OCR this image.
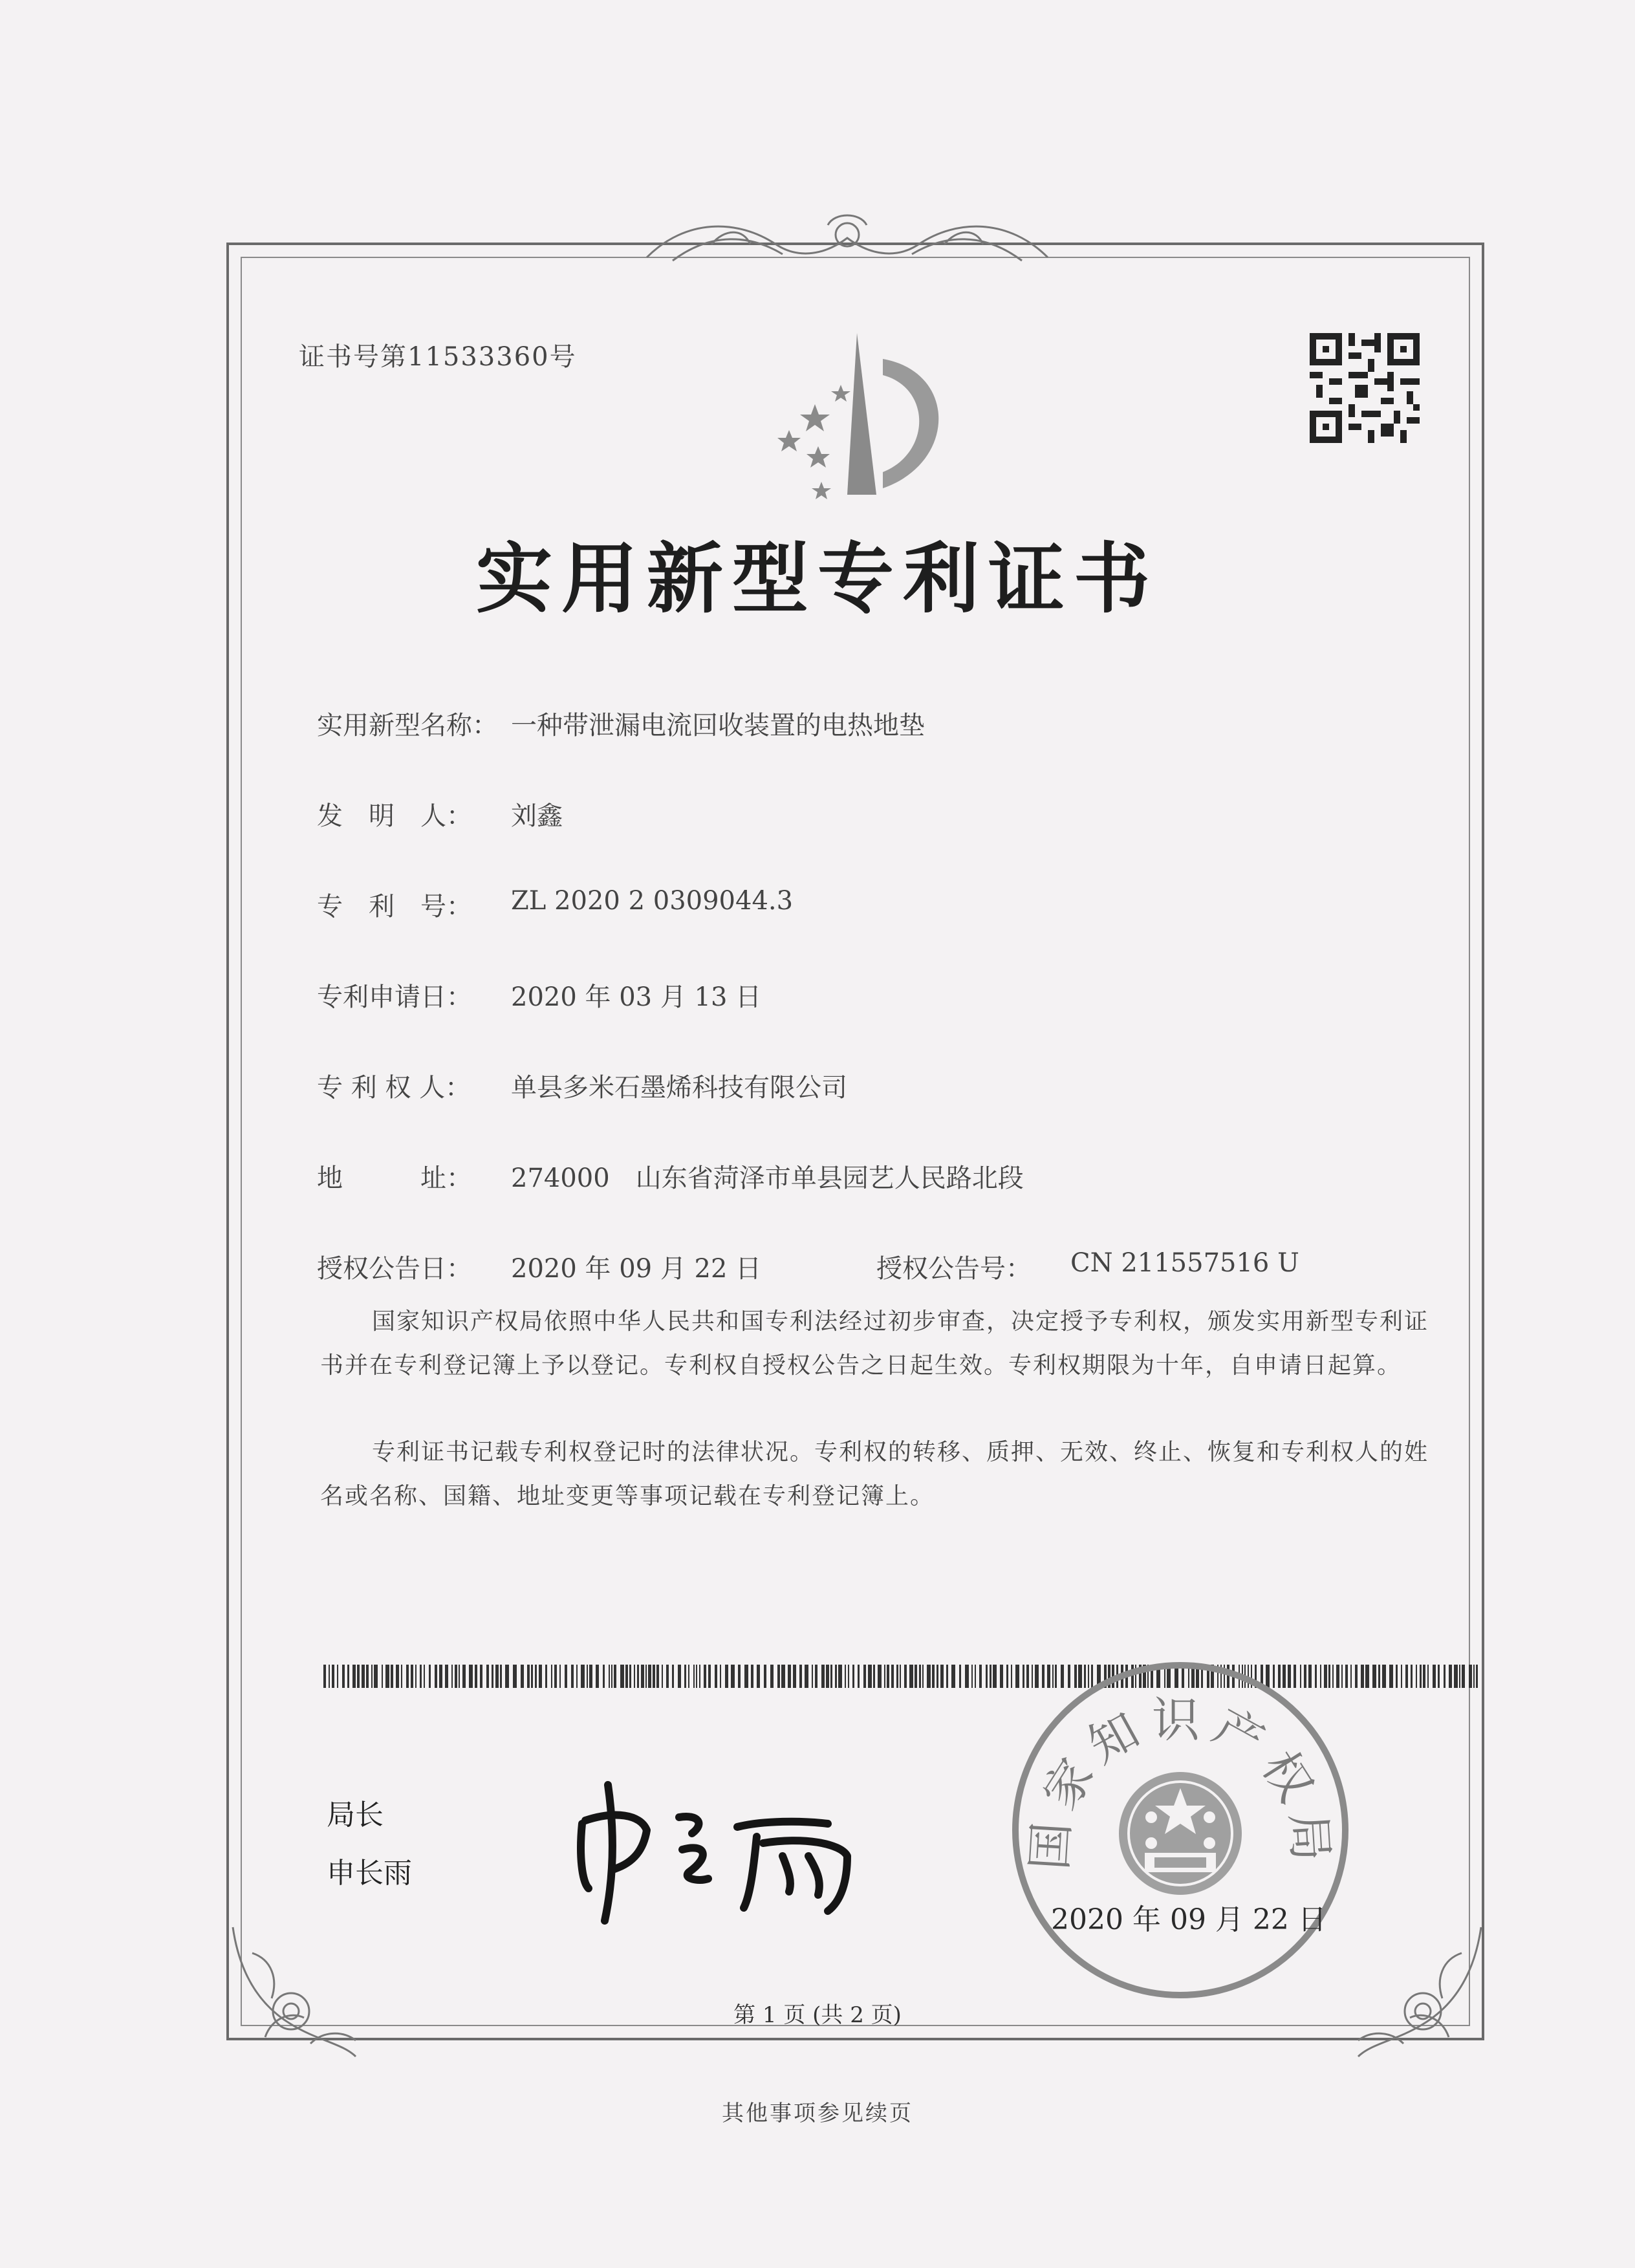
证书号第11533360号
实用新型专利证书
实用新型名称： 一种带泄漏电流回收装置的电热地垫
发　明　人：	刘鑫
专　利　号：	ZL 2020 2 0309044.3
专利申请日：	2020 年 03 月 13 日
专 利 权 人：	单县多米石墨烯科技有限公司
地　　　址：	274000　山东省菏泽市单县园艺人民路北段
授权公告日：	2020 年 09 月 22 日	授权公告号：	CN 211557516 U
国家知识产权局依照中华人民共和国专利法经过初步审查，决定授予专利权，颁发实用新型专利证书并在专利登记簿上予以登记。专利权自授权公告之日起生效。专利权期限为十年，自申请日起算。
专利证书记载专利权登记时的法律状况。专利权的转移、质押、无效、终止、恢复和专利权人的姓名或名称、国籍、地址变更等事项记载在专利登记簿上。
局长
申长雨
国家知识产权局
2020 年 09 月 22 日
第 1 页 (共 2 页)
其他事项参见续页
